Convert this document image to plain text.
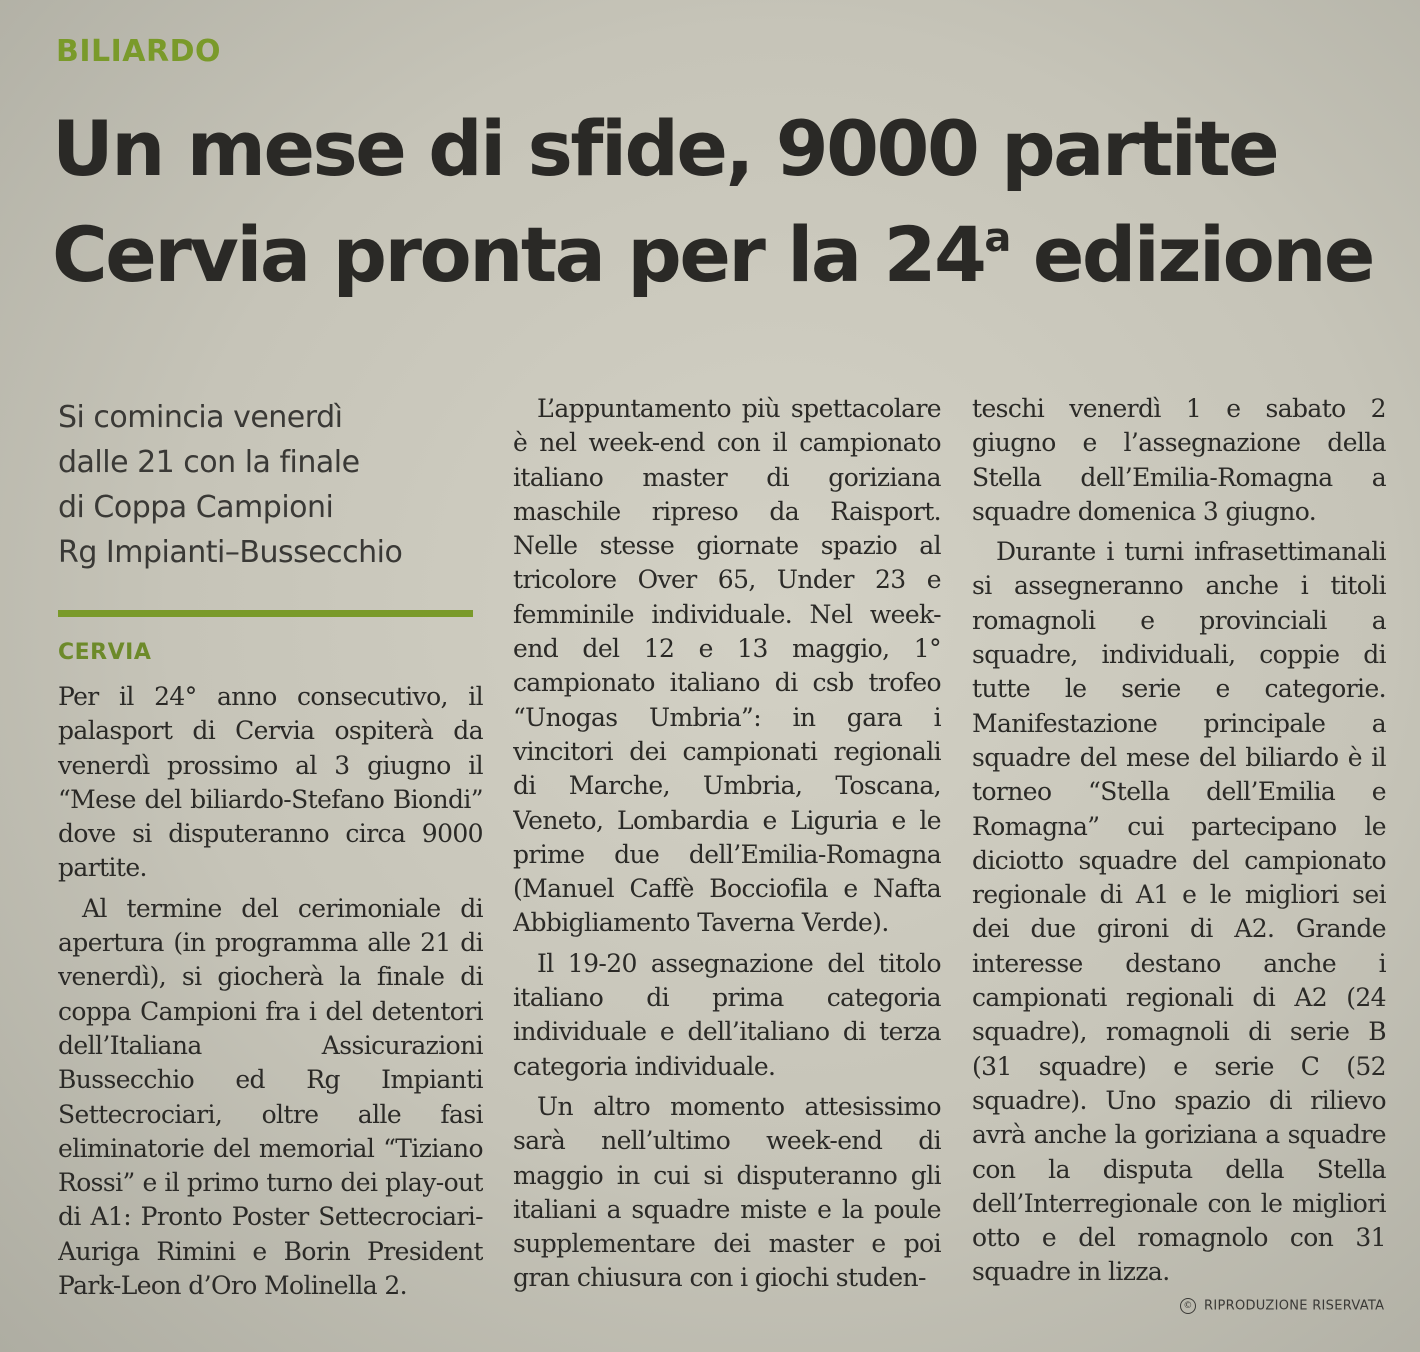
BILIARDO
Un mese di sfide, 9000 partite
Cervia pronta per la 24$^a$ edizione
Si comincia venerdì
dalle 21 con la finale
di Coppa Campioni
Rg Impianti–Bussecchio
CERVIA

Per il 24° anno consecutivo, il palasport di Cervia ospiterà da venerdì prossimo al 3 giugno il “Mese del biliardo-Stefano Biondi” dove si disputeranno circa 9000 partite.

Al termine del cerimoniale di apertura (in programma alle 21 di venerdì), si giocherà la finale di coppa Campioni fra i del detentori dell’Italiana Assicurazioni Bussecchio ed Rg Impianti Settecrociari, oltre alle fasi eliminatorie del memorial “Tiziano Rossi” e il primo turno dei play-out di A1: Pronto Poster Settecrociari-Auriga Rimini e Borin President Park-Leon d’Oro Molinella 2.

L’appuntamento più spettacolare è nel week-end con il campionato italiano master di goriziana maschile ripreso da Raisport. Nelle stesse giornate spazio al tricolore Over 65, Under 23 e femminile individuale. Nel week-end del 12 e 13 maggio, 1° campionato italiano di csb trofeo “Unogas Umbria”: in gara i vincitori dei campionati regionali di Marche, Umbria, Toscana, Veneto, Lombardia e Liguria e le prime due dell’Emilia-Romagna (Manuel Caffè Bocciofila e Nafta Abbigliamento Taverna Verde).

Il 19-20 assegnazione del titolo italiano di prima categoria individuale e dell’italiano di terza categoria individuale.

Un altro momento attesissimo sarà nell’ultimo week-end di maggio in cui si disputeranno gli italiani a squadre miste e la poule supplementare dei master e poi gran chiusura con i giochi studen-

teschi venerdì 1 e sabato 2 giugno e l’assegnazione della Stella dell’Emilia-Romagna a squadre domenica 3 giugno.

Durante i turni infrasettimanali si assegneranno anche i titoli romagnoli e provinciali a squadre, individuali, coppie di tutte le serie e categorie. Manifestazione principale a squadre del mese del biliardo è il torneo “Stella dell’Emilia e Romagna” cui partecipano le diciotto squadre del campionato regionale di A1 e le migliori sei dei due gironi di A2. Grande interesse destano anche i campionati regionali di A2 (24 squadre), romagnoli di serie B (31 squadre) e serie C (52 squadre). Uno spazio di rilievo avrà anche la goriziana a squadre con la disputa della Stella dell’Interregionale con le migliori otto e del romagnolo con 31 squadre in lizza.

© RIPRODUZIONE RISERVATA
